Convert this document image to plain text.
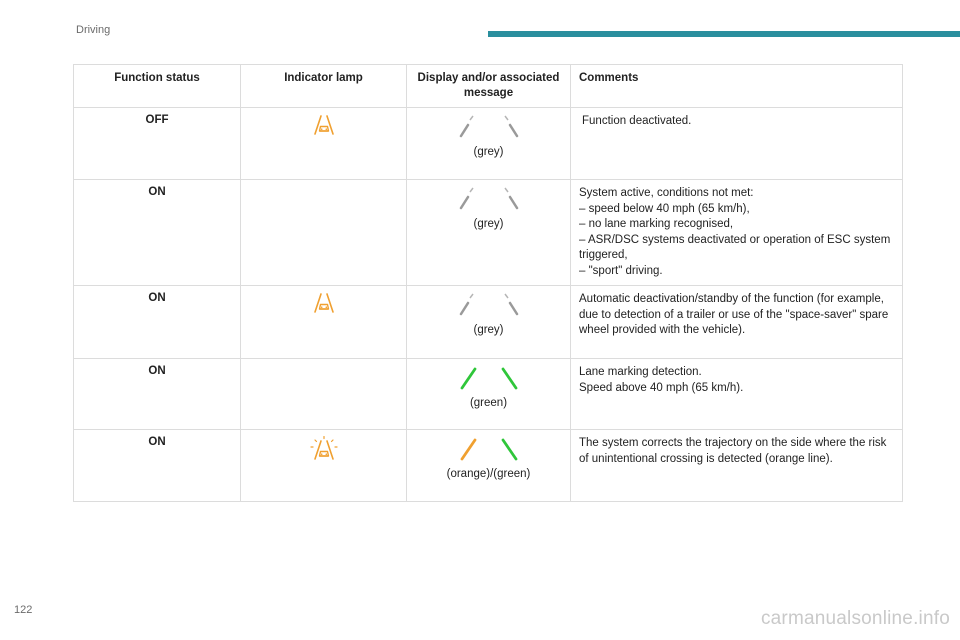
Driving
Function status	Indicator lamp	Display and/or associated message	Comments
OFF		(grey)	Function deactivated.

ON		(grey)	System active, conditions not met:
– speed below 40 mph (65 km/h),
– no lane marking recognised,
– ASR/DSC systems deactivated or operation of ESC system triggered,
– "sport" driving.

ON		(grey)	Automatic deactivation/standby of the function (for example, due to detection of a trailer or use of the "space-saver" spare wheel provided with the vehicle).

ON		(green)	Lane marking detection.
Speed above 40 mph (65 km/h).

ON		(orange)/(green)	The system corrects the trajectory on the side where the risk of unintentional crossing is detected (orange line).
122	carmanualsonline.info
